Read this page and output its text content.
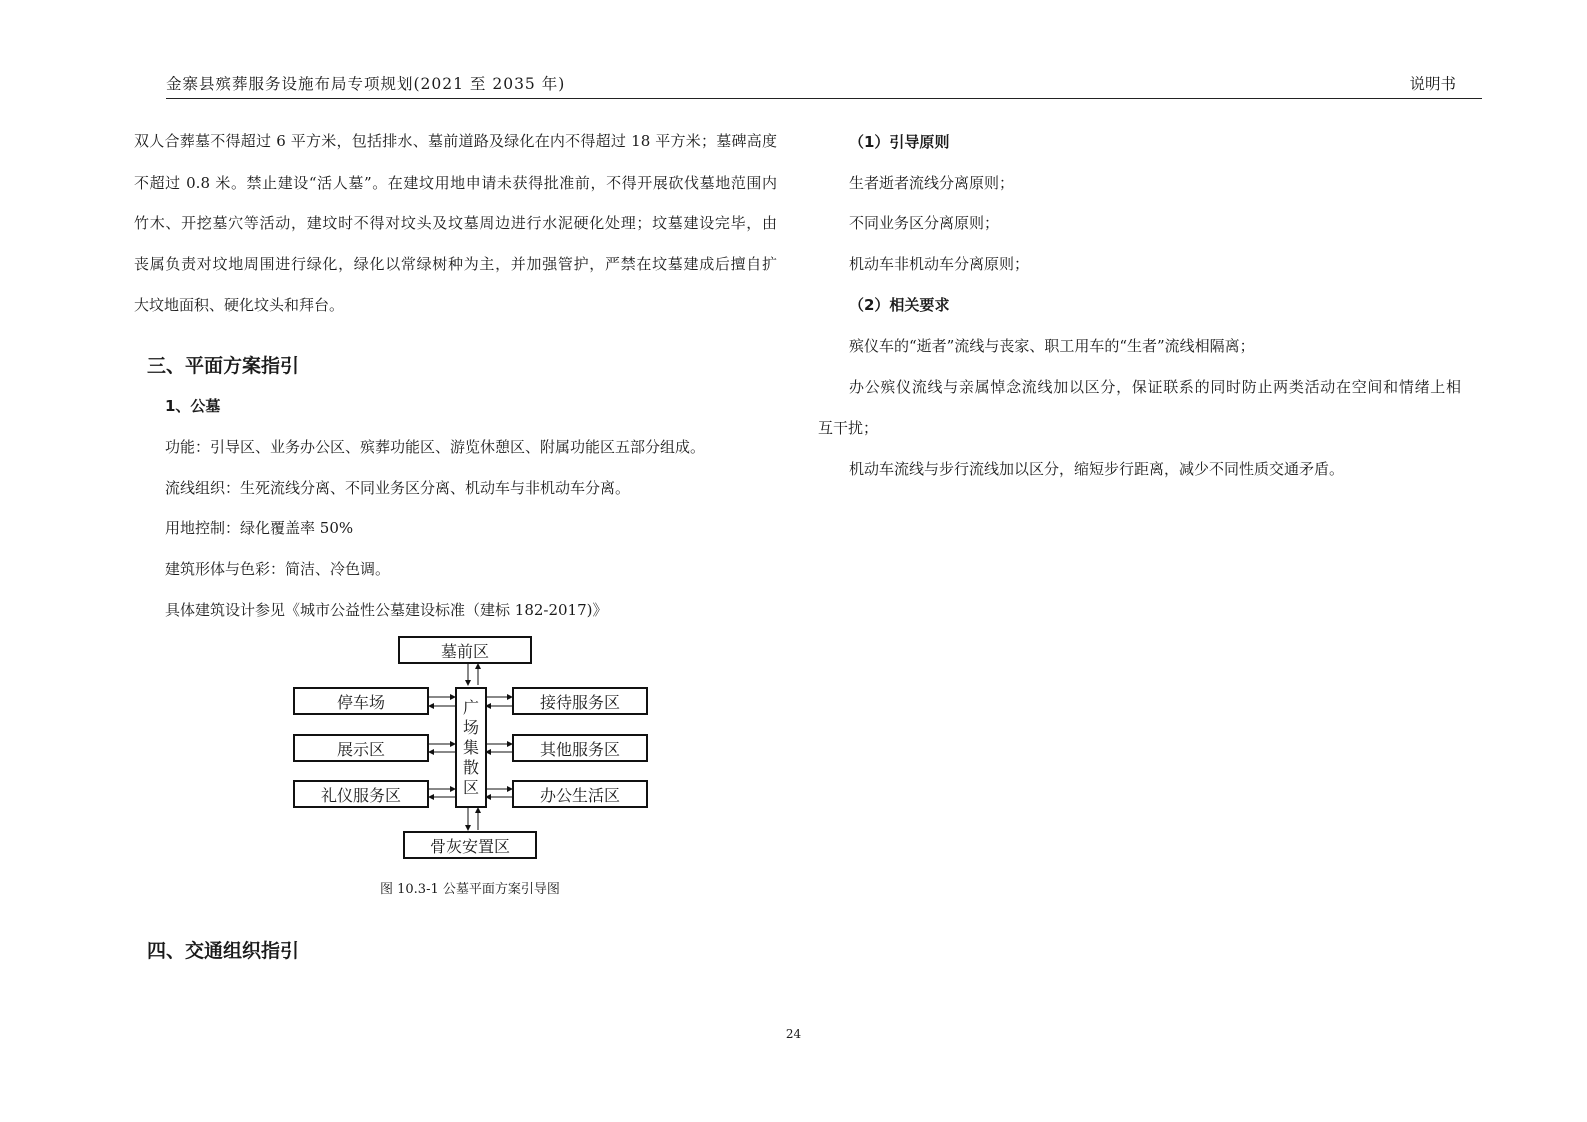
金寨县殡葬服务设施布局专项规划(2021 至 2035 年)	说明书
双人合葬墓不得超过 6 平方米，包括排水、墓前道路及绿化在内不得超过 18 平方米；墓碑高度
不超过 0.8 米。禁止建设“活人墓”。在建坟用地申请未获得批准前，不得开展砍伐墓地范围内
竹木、开挖墓穴等活动，建坟时不得对坟头及坟墓周边进行水泥硬化处理；坟墓建设完毕，由
丧属负责对坟地周围进行绿化，绿化以常绿树种为主，并加强管护，严禁在坟墓建成后擅自扩
大坟地面积、硬化坟头和拜台。
三、平面方案指引
1、公墓
功能：引导区、业务办公区、殡葬功能区、游览休憩区、附属功能区五部分组成。
流线组织：生死流线分离、不同业务区分离、机动车与非机动车分离。
用地控制：绿化覆盖率 50%
建筑形体与色彩：简洁、冷色调。
具体建筑设计参见《城市公益性公墓建设标准（建标 182-2017)》
墓前区
广
场
集
散
区
停车场
展示区
礼仪服务区
接待服务区
其他服务区
办公生活区
骨灰安置区
图 10.3-1 公墓平面方案引导图
四、交通组织指引
（1）引导原则
生者逝者流线分离原则；
不同业务区分离原则；
机动车非机动车分离原则；
（2）相关要求
殡仪车的“逝者”流线与丧家、职工用车的“生者”流线相隔离；
办公殡仪流线与亲属悼念流线加以区分，保证联系的同时防止两类活动在空间和情绪上相
互干扰；
机动车流线与步行流线加以区分，缩短步行距离，减少不同性质交通矛盾。
24
